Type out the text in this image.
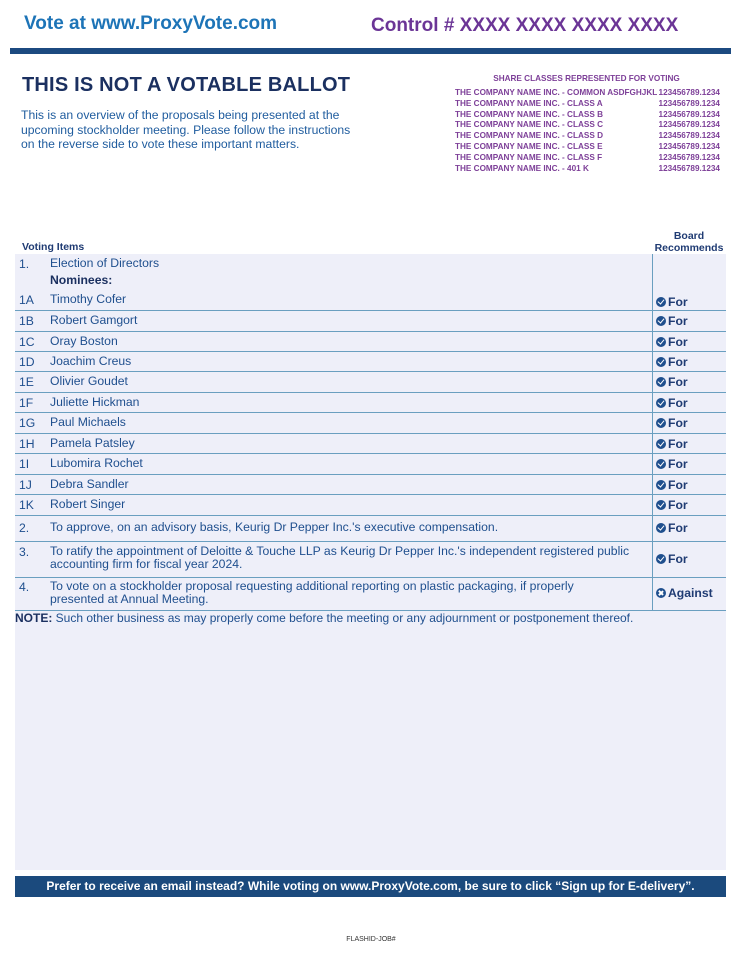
Vote at www.ProxyVote.com	Control # XXXX XXXX XXXX XXXX
THIS IS NOT A VOTABLE BALLOT
This is an overview of the proposals being presented at the upcoming stockholder meeting. Please follow the instructions on the reverse side to vote these important matters.
SHARE CLASSES REPRESENTED FOR VOTING
THE COMPANY NAME INC. - COMMON ASDFGHJKL 123456789.1234
THE COMPANY NAME INC. - CLASS A	123456789.1234
THE COMPANY NAME INC. - CLASS B	123456789.1234
THE COMPANY NAME INC. - CLASS C	123456789.1234
THE COMPANY NAME INC. - CLASS D	123456789.1234
THE COMPANY NAME INC. - CLASS E	123456789.1234
THE COMPANY NAME INC. - CLASS F	123456789.1234
THE COMPANY NAME INC. - 401 K	123456789.1234
Board
Recommends
Voting Items
1. Election of Directors
Nominees:
1A Timothy Cofer	For
1B Robert Gamgort	For
1C Oray Boston	For
1D Joachim Creus	For
1E Olivier Goudet	For
1F Juliette Hickman	For
1G Paul Michaels	For
1H Pamela Patsley	For
1I Lubomira Rochet	For
1J Debra Sandler	For
1K Robert Singer	For
2. To approve, on an advisory basis, Keurig Dr Pepper Inc.'s executive compensation.	For
3. To ratify the appointment of Deloitte & Touche LLP as Keurig Dr Pepper Inc.'s independent registered public accounting firm for fiscal year 2024.	For
4. To vote on a stockholder proposal requesting additional reporting on plastic packaging, if properly presented at Annual Meeting.	Against
NOTE: Such other business as may properly come before the meeting or any adjournment or postponement thereof.
Prefer to receive an email instead? While voting on www.ProxyVote.com, be sure to click “Sign up for E-delivery”.
FLASHID-JOB#
